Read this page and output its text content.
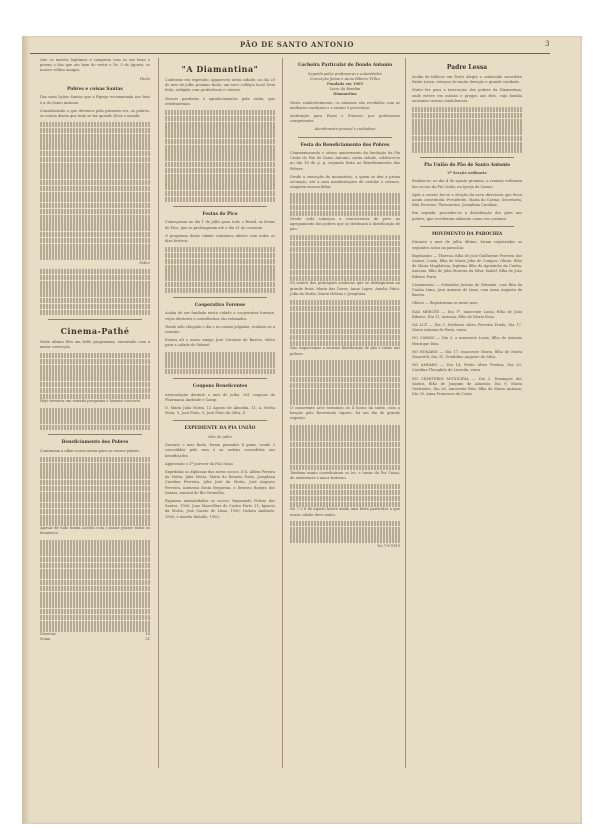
PÃO DE SANTO ANTONIO	3

Que os moveis legitimos e comprem com os sus bens e porem o dos que ate bem de vestir o Dr. 3 de Agosto, os nossos velhos amigos.

Paulo

Pobres e coisas Santas

Das mais lições Santas que a Egreja recommenda aos fieis é a do Santo Antonio.

Considerando o que devemos pela primeira vez, os pobres, os outros dizem que tudo se faz quando Deus o manda.

Pobre

Cinema-Pathé

Noite ultima fôra um bello programma, executado com a maior correcção.

Hoje teremos um variado programa e luzente concerto.

Beneficiamento dos Pobres

Continuam a afluir novos meios para os nossos pobres.

Apesar de tudo foram aceitos com o maior prazer todos os donativos.

Diversas	16
Soma	21
"A Diamantina"

Conforme era esperado, appareceu nesta cidade, no dia 20 do mez de julho proximo findo, um novo collégio local, bem feito, redigido com proficiência e criterio.

Nossos parabens e agradecimentos pela visita, que retribuiremos.

Festas do Pico

Começaram no dia 1 de julho para todo o Brasil, as festas do Pico, que se prolongaram até o dia 31 do corrente.

O programa desta cidade continuou aberto com todos os dias festivos.

Cooperativo Forense

Acaba de ser fundada nesta cidade a cooperativa forense, cujos diretores e conselheiros são estimados.

Tendo sido chegado o dia e as contas julgadas, realizou-se a reunião.

Estava ali o nosso amigo José Carolino de Bastos, eleito para a cidade de Sabaré.

Coupons Beneficentes

Arrecadação durante o mez de julho, 261 coupons da Pharmacia Andrade e Camp.

D. Maria Julia Motta, 12 Agosto de Almeida, 11; A. Motta Mota, 5; José Pinto, 9; José Pinto da Silva, 8.

EXPEDIENTE DA PIA UNIÃO

Mez de julho

Durante o mez findo, foram passados 4 guias, sendo 3 concedidas pelo mes e as ordens concedidas aos beneficiados.

Approvado o 2º parecer da Pia Uniao.

Expedidas as diplomas dos novos socios: D.S. Aldira Pereira da Motta, Julia Motta, Maria do Rosario Porto, Josephina Carolina Ferreira, Julia José da Motta, José Augusto Ferreira, natureza desta freguesia, e Ernesto Borges dos Santos, natural de Rio Vermelho.

Pagaram mensalidades os socios: Raymundo Felicio dos Santos, 1900; Joao Marcellino de Castro Porto 11; Ignacio da Motta, Jose Ozorio de Lima, 1900; Isidora Andrade, 1900; e Amelia Rabello, 1900.

Cocheira Particular do Dondo Antonio

Seguida pelas professoras e autoridades

Conceição Jaime e Anna Ribeiro Telles

Fundada em 1905

Liceu da Bomfim

Diamantina

Neste estabelecimento, os alumnos são recebidos com as melhores condições e o ensino é proveitoso.

Instituição para Piano e Francez, por professoras competentes.

Atendimento pessoal e cuidadoso

Festa do Beneficiamento dos Pobres

Commemorando o oitavo anniversario da fundação da Pia União do Pão de Santo Antonio, nesta cidade, celebrou-se no dia 18 de p. p. segundo festa ao Beneficiamento dos Pobres.

Desde a execução do monastério, a quem se deu a prima actuação, até a suas manifestações de carinho e civismo, ninguem ousava faltar.

Desde cedo começou a concorrencia de povo ao agrupamento dos pobres que se destinava à distribuição de pão.

Os nomes das principaes senhoras que se distinguiram na grande festa: Maria das Dores, Anna Lopes, Amelia Pinto, Julia da Motta, Maria Helena e Josephina.

Nao esquecemos a enorme distribuição de pão e carne aos pobres.

O comovente acto terminou às 4 horas da tarde, com a benção pelo Reverendo vigario, foi um dia de grande regozijo.

Tambem muito contribuiram os Irs. e Irmãs da Pia Uniao, de assistencia e amor fraterno.

No 7 e 8 de agosto houve ainda uma festa particular a que nossa cidade deve muito.

No 7-8-1919

Padre Lessa

Acaba de fallecer em Porto Alegre o conhecido sacerdote Padre Lessa, virtuoso de muita devoção e grande caridade.

Muito fez para a instrucção dos pobres da Diamantina, onde esteve em missão e pregou aos fieis, cuja familia enviamos nossas condolencias.

Pia União do Pão de Santo Antonio

2ª Secção ordinaria

Realiza-se, no dia 4 de agosto proximo, a reunião ordinaria dos socios da Pia União, na Igreja do Carmo.

Após a sessão fez-se a eleição da nova directoria que ficou assim constituida: Presidente, Maria do Carmo; Secretaria, Rita Ferreira; Thesoureira, Josephina Carolina.

Em seguida, procedeu-se à distribuição dos pães aos pobres, que receberam alimento como era costume.

MOVIMENTO DA PAROCHIA

Durante o mez de julho último, foram registrados os seguintes actos na parochia:

Baptisados — Theresa, filha de José Guilherme Ferreira dos Santos; Luzia, filha de Maria Julia de Campos; Olinto, filho de Maria Magdalena, legitimo filho de Agostinho da Cunha; Antonio, filho de Julio Moreira da Silva; Isabel, filha de João Ribeiro Porto.

Casamentos — Sebastião Justino de Miranda, com Rita da Cunha Lima; José Antonio de Lima, com Anna Augusta de Barros.

Obitos — Registraram-se neste mez:

NAS MERCÊS — Dia 1º, innocente Luzia, filha de João Ribeiro; Dia 11, Antonio, filho de Maria Rosa.

NA LUZ — Dia 3, Norberto Alves Ferreira Prado; Dia 17, Maria Antonia de Faria, viuva.

NO CARMO — Dia 5, a innocente Luzia, filho de Antonio Henrique Dias.

NO ROSARIO — Dia 17, innocente Maria, filha de Maria Nazareth; Dia 31, Geraldino Augusto da Silva.

NO AMPARO — Dia 14, Pedro Alves Pereira; Dia 20, Carolina Theophilo de Lacerda, viuva.

NO CEMITERIO MUNICIPAL — Dia 2, Domingos dos Santos, filho de Joaquim de Almeida; Dia 9, Maria Gertrudes; Dia 26, innocente Rita, filha de Maria Antonia; Dia 30, Anna Francisca da Costa.
